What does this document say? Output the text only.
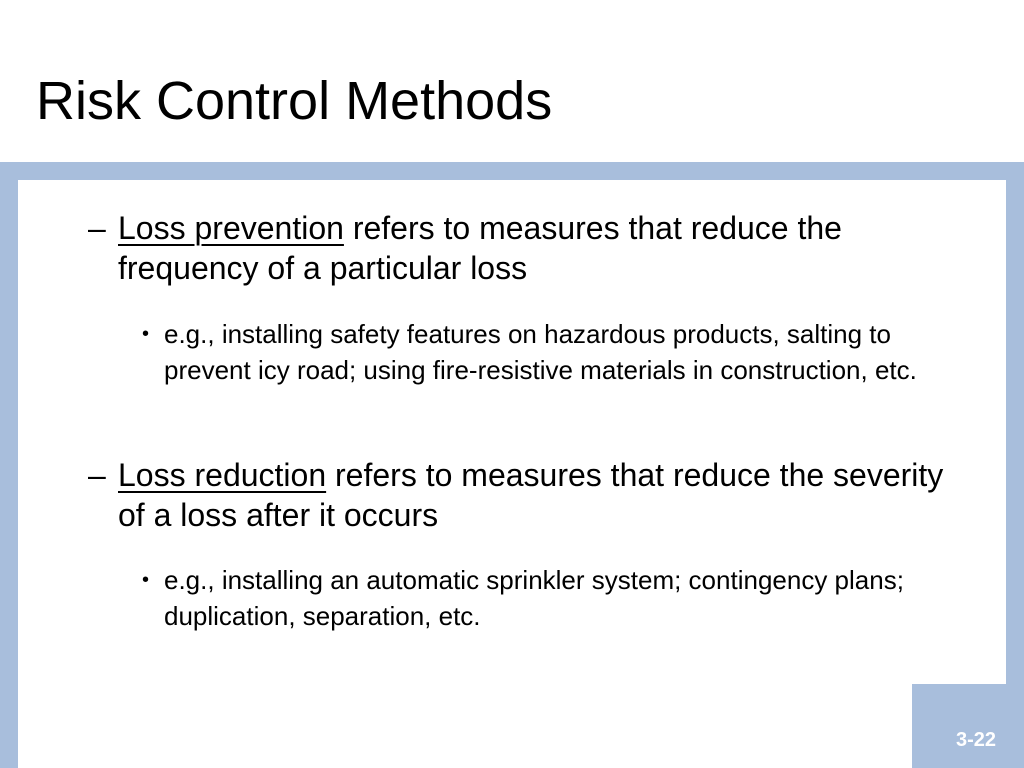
Risk Control Methods
– Loss prevention refers to measures that reduce the frequency of a particular loss
• e.g., installing safety features on hazardous products, salting to prevent icy road; using fire-resistive materials in construction, etc.
– Loss reduction refers to measures that reduce the severity of a loss after it occurs
• e.g., installing an automatic sprinkler system; contingency plans; duplication, separation, etc.
3-22
